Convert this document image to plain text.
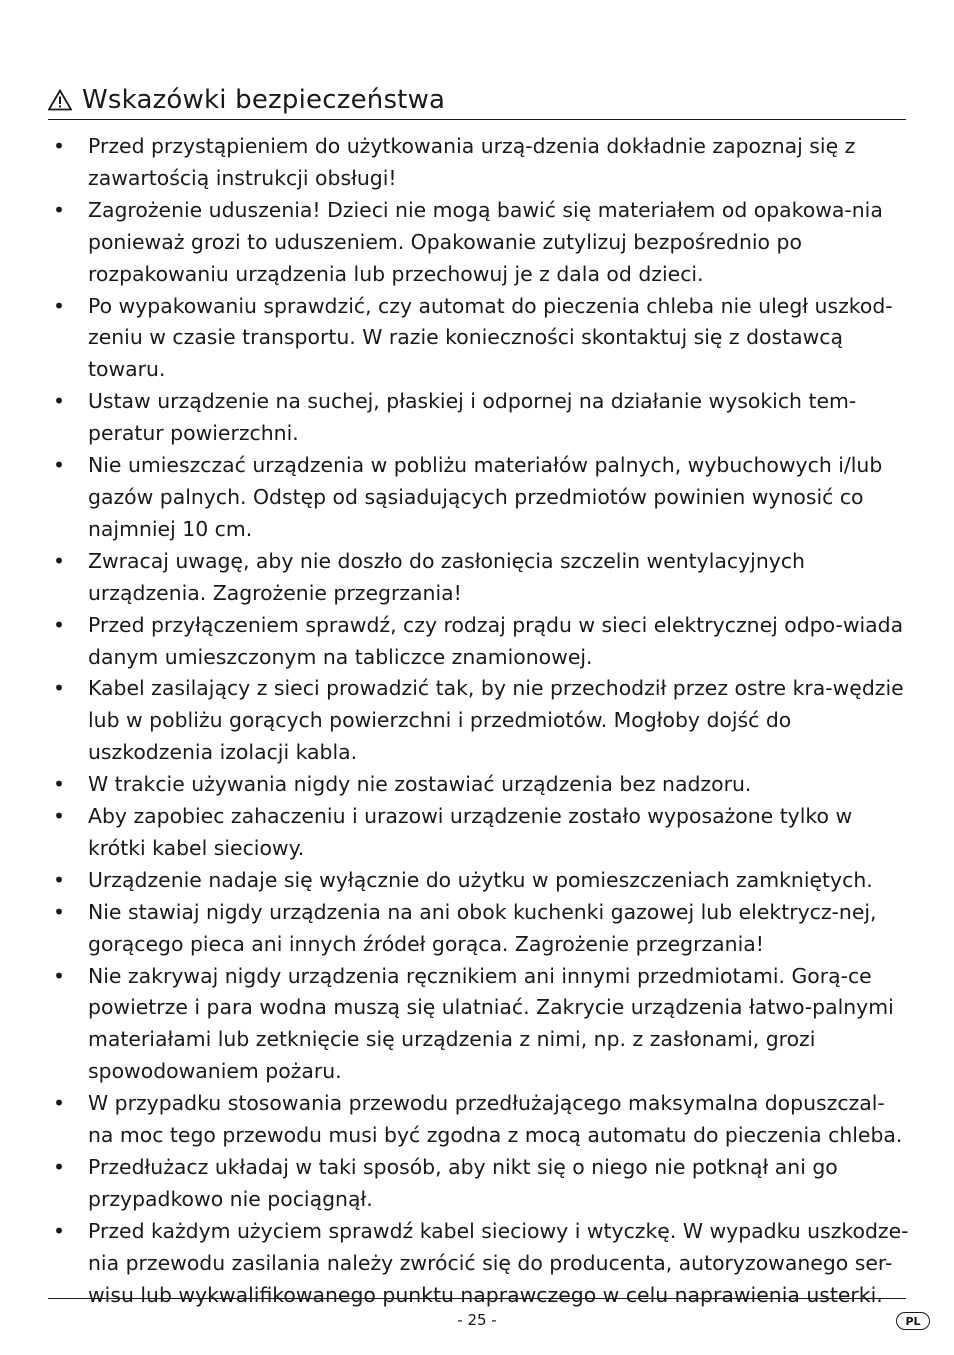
Wskazówki bezpieczeństwa
• Przed przystąpieniem do użytkowania urzą-dzenia dokładnie zapoznaj się z zawartością instrukcji obsługi!
• Zagrożenie uduszenia! Dzieci nie mogą bawić się materiałem od opakowa-nia ponieważ grozi to uduszeniem. Opakowanie zutylizuj bezpośrednio po rozpakowaniu urządzenia lub przechowuj je z dala od dzieci.
• Po wypakowaniu sprawdzić, czy automat do pieczenia chleba nie uległ uszkod-zeniu w czasie transportu. W razie konieczności skontaktuj się z dostawcą towaru.
• Ustaw urządzenie na suchej, płaskiej i odpornej na działanie wysokich tem-peratur powierzchni.
• Nie umieszczać urządzenia w pobliżu materiałów palnych, wybuchowych i/lub gazów palnych. Odstęp od sąsiadujących przedmiotów powinien wynosić co najmniej 10 cm.
• Zwracaj uwagę, aby nie doszło do zasłonięcia szczelin wentylacyjnych urządzenia. Zagrożenie przegrzania!
• Przed przyłączeniem sprawdź, czy rodzaj prądu w sieci elektrycznej odpo-wiada danym umieszczonym na tabliczce znamionowej.
• Kabel zasilający z sieci prowadzić tak, by nie przechodził przez ostre kra-wędzie lub w pobliżu gorących powierzchni i przedmiotów. Mogłoby dojść do uszkodzenia izolacji kabla.
• W trakcie używania nigdy nie zostawiać urządzenia bez nadzoru.
• Aby zapobiec zahaczeniu i urazowi urządzenie zostało wyposażone tylko w krótki kabel sieciowy.
• Urządzenie nadaje się wyłącznie do użytku w pomieszczeniach zamkniętych.
• Nie stawiaj nigdy urządzenia na ani obok kuchenki gazowej lub elektrycz-nej, gorącego pieca ani innych źródeł gorąca. Zagrożenie przegrzania!
• Nie zakrywaj nigdy urządzenia ręcznikiem ani innymi przedmiotami. Gorą-ce powietrze i para wodna muszą się ulatniać. Zakrycie urządzenia łatwo-palnymi materiałami lub zetknięcie się urządzenia z nimi, np. z zasłonami, grozi spowodowaniem pożaru.
• W przypadku stosowania przewodu przedłużającego maksymalna dopuszczal-na moc tego przewodu musi być zgodna z mocą automatu do pieczenia chleba.
• Przedłużacz układaj w taki sposób, aby nikt się o niego nie potknął ani go przypadkowo nie pociągnął.
• Przed każdym użyciem sprawdź kabel sieciowy i wtyczkę. W wypadku uszkodze-nia przewodu zasilania należy zwrócić się do producenta, autoryzowanego ser-wisu lub wykwalifikowanego punktu naprawczego w celu naprawienia usterki.
- 25 -	PL
